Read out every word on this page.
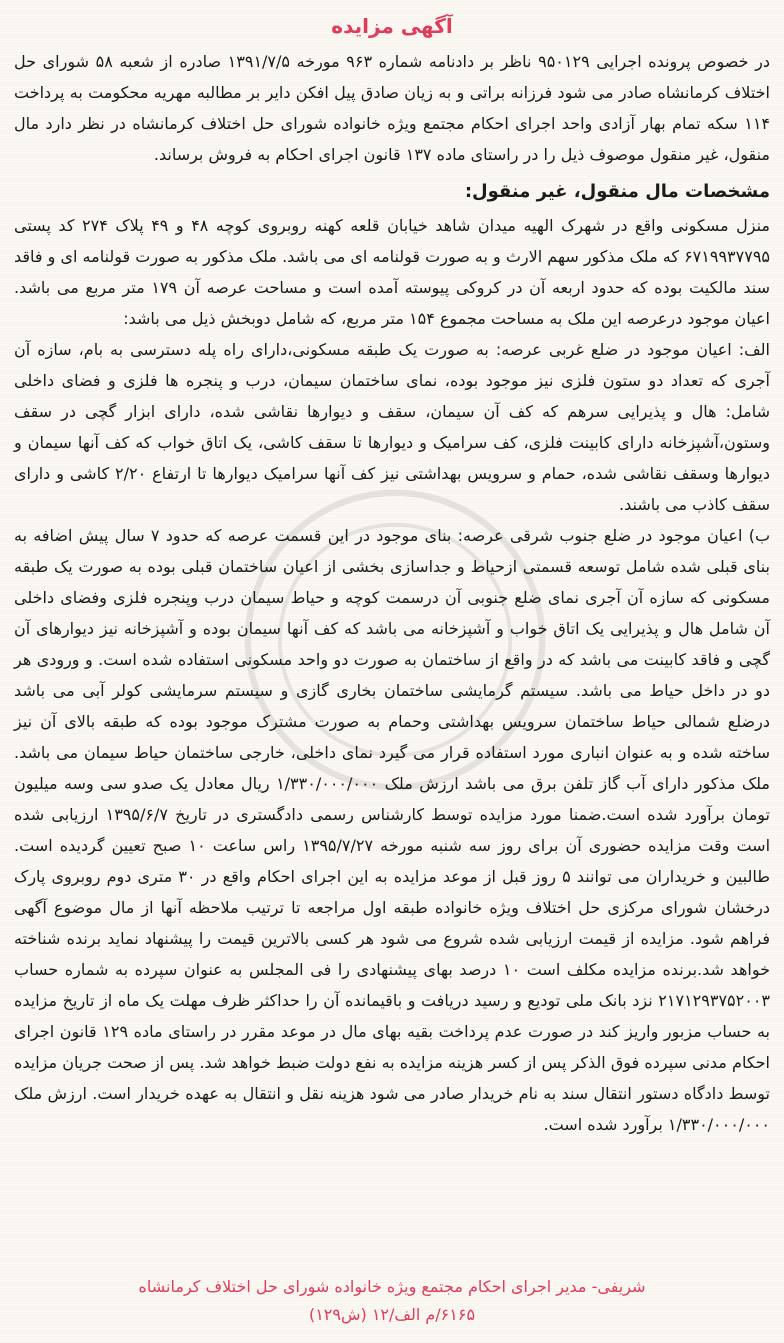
آگهی مزایده

در خصوص پرونده اجرایی ۹۵۰۱۲۹ ناظر بر دادنامه شماره ۹۶۳ مورخه ۱۳۹۱/۷/۵ صادره از شعبه ۵۸ شورای حل اختلاف کرمانشاه صادر می شود فرزانه براتی و به زیان صادق پیل افکن دایر بر مطالبه مهریه محکومت به پرداخت ۱۱۴ سکه تمام بهار آزادی واحد اجرای احکام مجتمع ویژه خانواده شورای حل اختلاف کرمانشاه در نظر دارد مال منقول، غیر منقول موصوف ذیل را در راستای ماده ۱۳۷ قانون اجرای احکام به فروش برساند.

مشخصات مال منقول، غیر منقول:

منزل مسکونی واقع در شهرک الهیه میدان شاهد خیابان قلعه کهنه روبروی کوچه ۴۸ و ۴۹ پلاک ۲۷۴ کد پستی ۶۷۱۹۹۳۷۷۹۵ که ملک مذکور سهم الارث و به صورت قولنامه ای می باشد. ملک مذکور به صورت قولنامه ای و فاقد سند مالکیت بوده که حدود اربعه آن در کروکی پیوسته آمده است و مساحت عرصه آن ۱۷۹ متر مربع می باشد. اعیان موجود درعرصه این ملک به مساحت مجموع ۱۵۴ متر مربع، که شامل دوبخش ذیل می باشد:

الف: اعیان موجود در ضلع غربی عرصه: به صورت یک طبقه مسکونی،دارای راه پله دسترسی به بام، سازه آن آجری که تعداد دو ستون فلزی نیز موجود بوده، نمای ساختمان سیمان، درب و پنجره ها فلزی و فضای داخلی شامل: هال و پذیرایی سرهم که کف آن سیمان، سقف و دیوارها نقاشی شده، دارای ابزار گچی در سقف وستون،آشپزخانه دارای کابینت فلزی، کف سرامیک و دیوارها تا سقف کاشی، یک اتاق خواب که کف آنها سیمان و دیوارها وسقف نقاشی شده، حمام و سرویس بهداشتی نیز کف آنها سرامیک دیوارها تا ارتفاع ۲/۲۰ کاشی و دارای سقف کاذب می باشند.

ب) اعیان موجود در ضلع جنوب شرقی عرصه: بنای موجود در این قسمت عرصه که حدود ۷ سال پیش اضافه به بنای قبلی شده شامل توسعه قسمتی ازحیاط و جداسازی بخشی از اعیان ساختمان قبلی بوده به صورت یک طبقه مسکونی که سازه آن آجری نمای ضلع جنوبی آن درسمت کوچه و حیاط سیمان درب وپنجره فلزی وفضای داخلی آن شامل هال و پذیرایی یک اتاق خواب و آشپزخانه می باشد که کف آنها سیمان بوده و آشپزخانه نیز دیوارهای آن گچی و فاقد کابینت می باشد که در واقع از ساختمان به صورت دو واحد مسکونی استفاده شده است. و ورودی هر دو در داخل حیاط می باشد. سیستم گرمایشی ساختمان بخاری گازی و سیستم سرمایشی کولر آبی می باشد درضلع شمالی حیاط ساختمان سرویس بهداشتی وحمام به صورت مشترک موجود بوده که طبقه بالای آن نیز ساخته شده و به عنوان انباری مورد استفاده قرار می گیرد نمای داخلی، خارجی ساختمان حیاط سیمان می باشد. ملک مذکور دارای آب گاز تلفن برق می باشد ارزش ملک ۱/۳۳۰/۰۰۰/۰۰۰ ریال معادل یک صدو سی وسه میلیون تومان برآورد شده است.ضمنا مورد مزایده توسط کارشناس رسمی دادگستری در تاریخ ۱۳۹۵/۶/۷ ارزیابی شده است وقت مزایده حضوری آن برای روز سه شنبه مورخه ۱۳۹۵/۷/۲۷ راس ساعت ۱۰ صبح تعیین گردیده است. طالبین و خریداران می توانند ۵ روز قبل از موعد مزایده به این اجرای احکام واقع در ۳۰ متری دوم روبروی پارک درخشان شورای مرکزی حل اختلاف ویژه خانواده طبقه اول مراجعه تا ترتیب ملاحظه آنها از مال موضوع آگهی فراهم شود. مزایده از قیمت ارزیابی شده شروع می شود هر کسی بالاترین قیمت را پیشنهاد نماید برنده شناخته خواهد شد.برنده مزایده مکلف است ۱۰ درصد بهای پیشنهادی را فی المجلس به عنوان سپرده به شماره حساب ۲۱۷۱۲۹۳۷۵۲۰۰۳ نزد بانک ملی تودیع و رسید دریافت و باقیمانده آن را حداکثر ظرف مهلت یک ماه از تاریخ مزایده به حساب مزبور واریز کند در صورت عدم پرداخت بقیه بهای مال در موعد مقرر در راستای ماده ۱۲۹ قانون اجرای احکام مدنی سپرده فوق الذکر پس از کسر هزینه مزایده به نفع دولت ضبط خواهد شد. پس از صحت جریان مزایده توسط دادگاه دستور انتقال سند به نام خریدار صادر می شود هزینه نقل و انتقال به عهده خریدار است. ارزش ملک ۱/۳۳۰/۰۰۰/۰۰۰ برآورد شده است.

شریفی- مدیر اجرای احکام مجتمع ویژه خانواده شورای حل اختلاف کرمانشاه
۶۱۶۵/م الف/۱۲ (ش۱۲۹)
